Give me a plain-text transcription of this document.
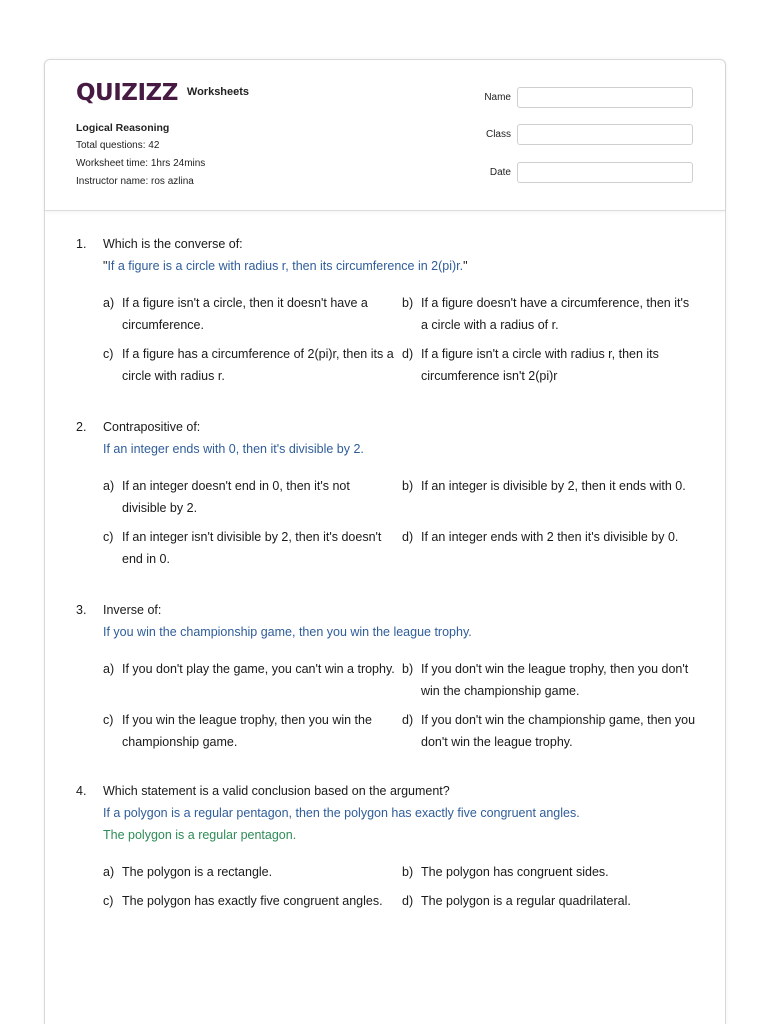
QUIZIZZ Worksheets
Logical Reasoning
Total questions: 42
Worksheet time: 1hrs 24mins
Instructor name: ros azlina
Name
Class
Date
1.	Which is the converse of:
"If a figure is a circle with radius r, then its circumference in 2(pi)r."
a) If a figure isn't a circle, then it doesn't have a circumference.
b) If a figure doesn't have a circumference, then it's a circle with a radius of r.
c) If a figure has a circumference of 2(pi)r, then its a circle with radius r.
d) If a figure isn't a circle with radius r, then its circumference isn't 2(pi)r
2.	Contrapositive of:
If an integer ends with 0, then it's divisible by 2.
a) If an integer doesn't end in 0, then it's not divisible by 2.
b) If an integer is divisible by 2, then it ends with 0.
c) If an integer isn't divisible by 2, then it's doesn't end in 0.
d) If an integer ends with 2 then it's divisible by 0.
3.	Inverse of:
If you win the championship game, then you win the league trophy.
a) If you don't play the game, you can't win a trophy. b) If you don't win the league trophy, then you don't win the championship game.
c) If you win the league trophy, then you win the championship game.
d) If you don't win the championship game, then you don't win the league trophy.
4.	Which statement is a valid conclusion based on the argument?
If a polygon is a regular pentagon, then the polygon has exactly five congruent angles.
The polygon is a regular pentagon.
a) The polygon is a rectangle.	b) The polygon has congruent sides.
c) The polygon has exactly five congruent angles.	d) The polygon is a regular quadrilateral.
